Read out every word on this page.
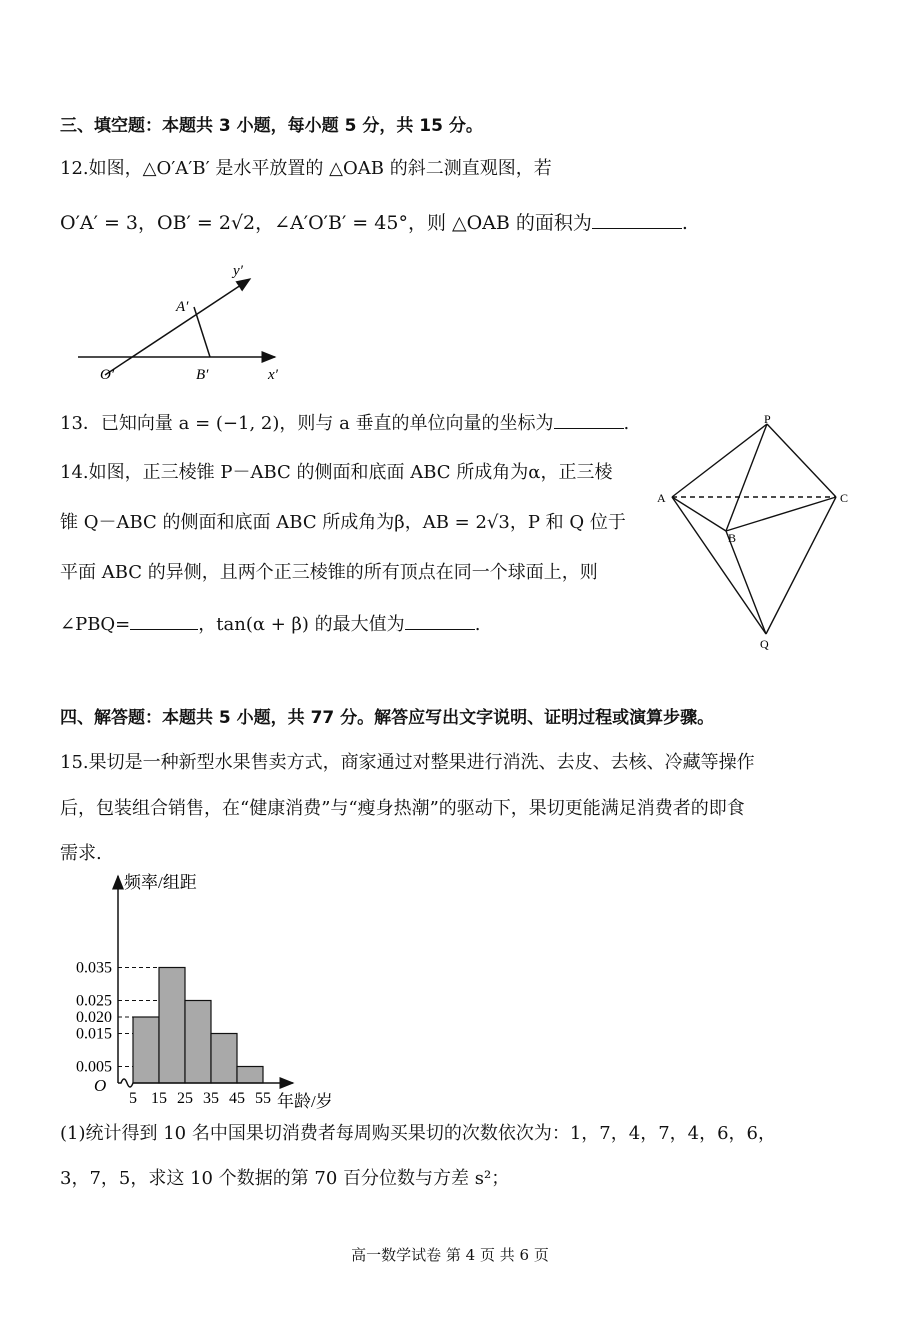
三、填空题：本题共 3 小题，每小题 5 分，共 15 分。
12.如图，△O′A′B′ 是水平放置的 △OAB 的斜二测直观图，若
O′A′ = 3，OB′ = 2√2，∠A′O′B′ = 45°，则 △OAB 的面积为	.
y′
A′
O′	B′	x′
13．已知向量 a = (−1, 2)，则与 a 垂直的单位向量的坐标为	.
14.如图，正三棱锥 P－ABC 的侧面和底面 ABC 所成角为α，正三棱
锥 Q－ABC 的侧面和底面 ABC 所成角为β，AB = 2√3，P 和 Q 位于
平面 ABC 的异侧，且两个正三棱锥的所有顶点在同一个球面上，则
∠PBQ=	，tan(α + β) 的最大值为	.
P
A	C
B
Q
四、解答题：本题共 5 小题，共 77 分。解答应写出文字说明、证明过程或演算步骤。
15.果切是一种新型水果售卖方式，商家通过对整果进行消洗、去皮、去核、冷藏等操作
后，包装组合销售，在“健康消费”与“瘦身热潮”的驱动下，果切更能满足消费者的即食
需求.
0.035
0.025
0.020
0.015
0.005
5 15 25 35 45 55
频率/组距
年龄/岁
O
(1)统计得到 10 名中国果切消费者每周购买果切的次数依次为：1，7，4，7，4，6，6，
3，7，5，求这 10 个数据的第 70 百分位数与方差 s²；
高一数学试卷 第 4 页 共 6 页
